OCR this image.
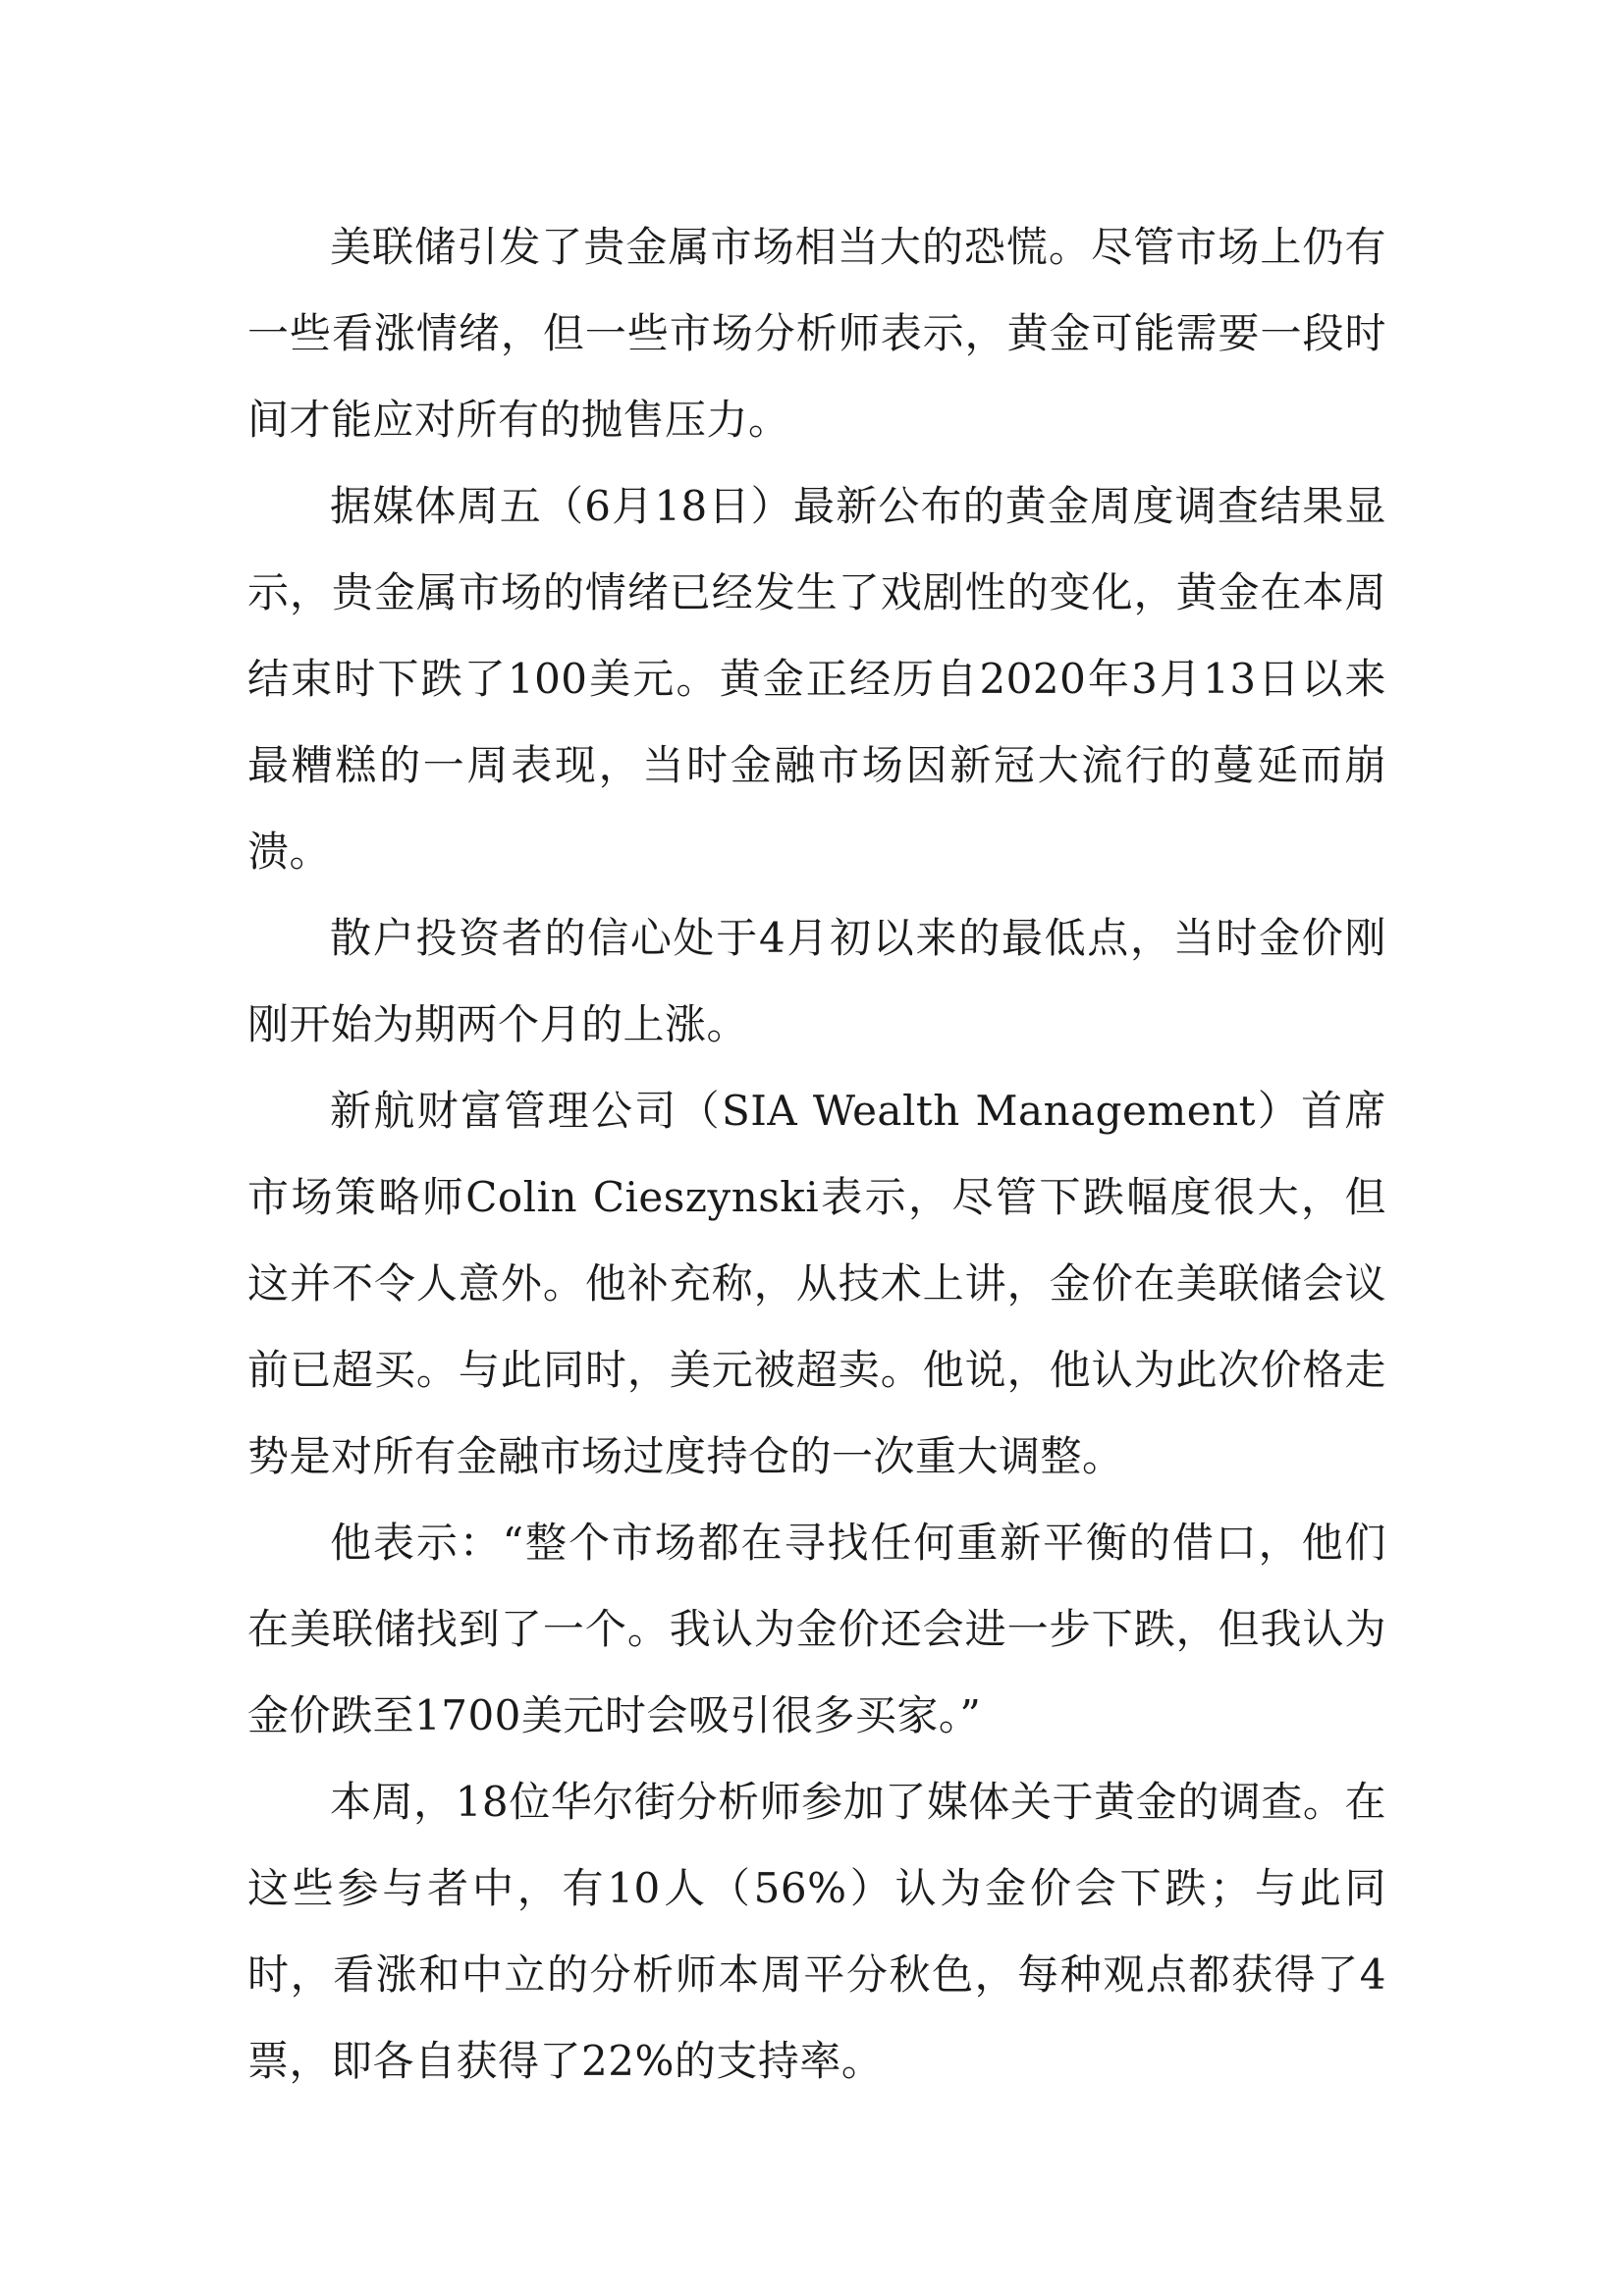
美联储引发了贵金属市场相当大的恐慌。尽管市场上仍有一些看涨情绪，但一些市场分析师表示，黄金可能需要一段时间才能应对所有的抛售压力。

据媒体周五（6月18日）最新公布的黄金周度调查结果显示，贵金属市场的情绪已经发生了戏剧性的变化，黄金在本周结束时下跌了100美元。黄金正经历自2020年3月13日以来最糟糕的一周表现，当时金融市场因新冠大流行的蔓延而崩溃。

散户投资者的信心处于4月初以来的最低点，当时金价刚刚开始为期两个月的上涨。

新航财富管理公司（SIA Wealth Management）首席市场策略师Colin Cieszynski表示，尽管下跌幅度很大，但这并不令人意外。他补充称，从技术上讲，金价在美联储会议前已超买。与此同时，美元被超卖。他说，他认为此次价格走势是对所有金融市场过度持仓的一次重大调整。

他表示：“整个市场都在寻找任何重新平衡的借口，他们在美联储找到了一个。我认为金价还会进一步下跌，但我认为金价跌至1700美元时会吸引很多买家。”

本周，18位华尔街分析师参加了媒体关于黄金的调查。在这些参与者中，有10人（56%）认为金价会下跌；与此同时，看涨和中立的分析师本周平分秋色，每种观点都获得了4票，即各自获得了22%的支持率。
